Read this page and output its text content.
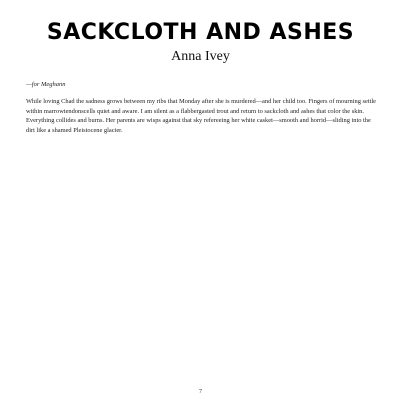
SACKCLOTH AND ASHES
Anna Ivey
—for Meghann
While loving Chad the sadness grows between my ribs that Monday after she is murdered—and her child too. Fingers of mourning settle within marrowtendonscells quiet and aware. I am silent as a flabbergasted trout and return to sackcloth and ashes that color the skin. Everything collides and burns. Her parents are wisps against that sky refereeing her white casket—smooth and horrid—sliding into the dirt like a shamed Pleistocene glacier.
7
